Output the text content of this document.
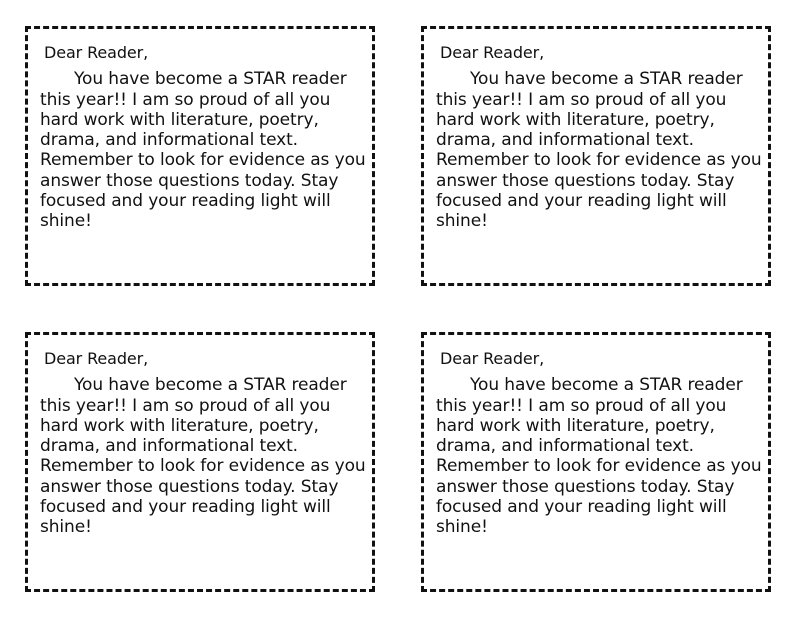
Dear Reader,

You have become a STAR reader this year!! I am so proud of all you hard work with literature, poetry, drama, and informational text. Remember to look for evidence as you answer those questions today. Stay focused and your reading light will shine!

Dear Reader,

You have become a STAR reader this year!! I am so proud of all you hard work with literature, poetry, drama, and informational text. Remember to look for evidence as you answer those questions today. Stay focused and your reading light will shine!

Dear Reader,

You have become a STAR reader this year!! I am so proud of all you hard work with literature, poetry, drama, and informational text. Remember to look for evidence as you answer those questions today. Stay focused and your reading light will shine!

Dear Reader,

You have become a STAR reader this year!! I am so proud of all you hard work with literature, poetry, drama, and informational text. Remember to look for evidence as you answer those questions today. Stay focused and your reading light will shine!
